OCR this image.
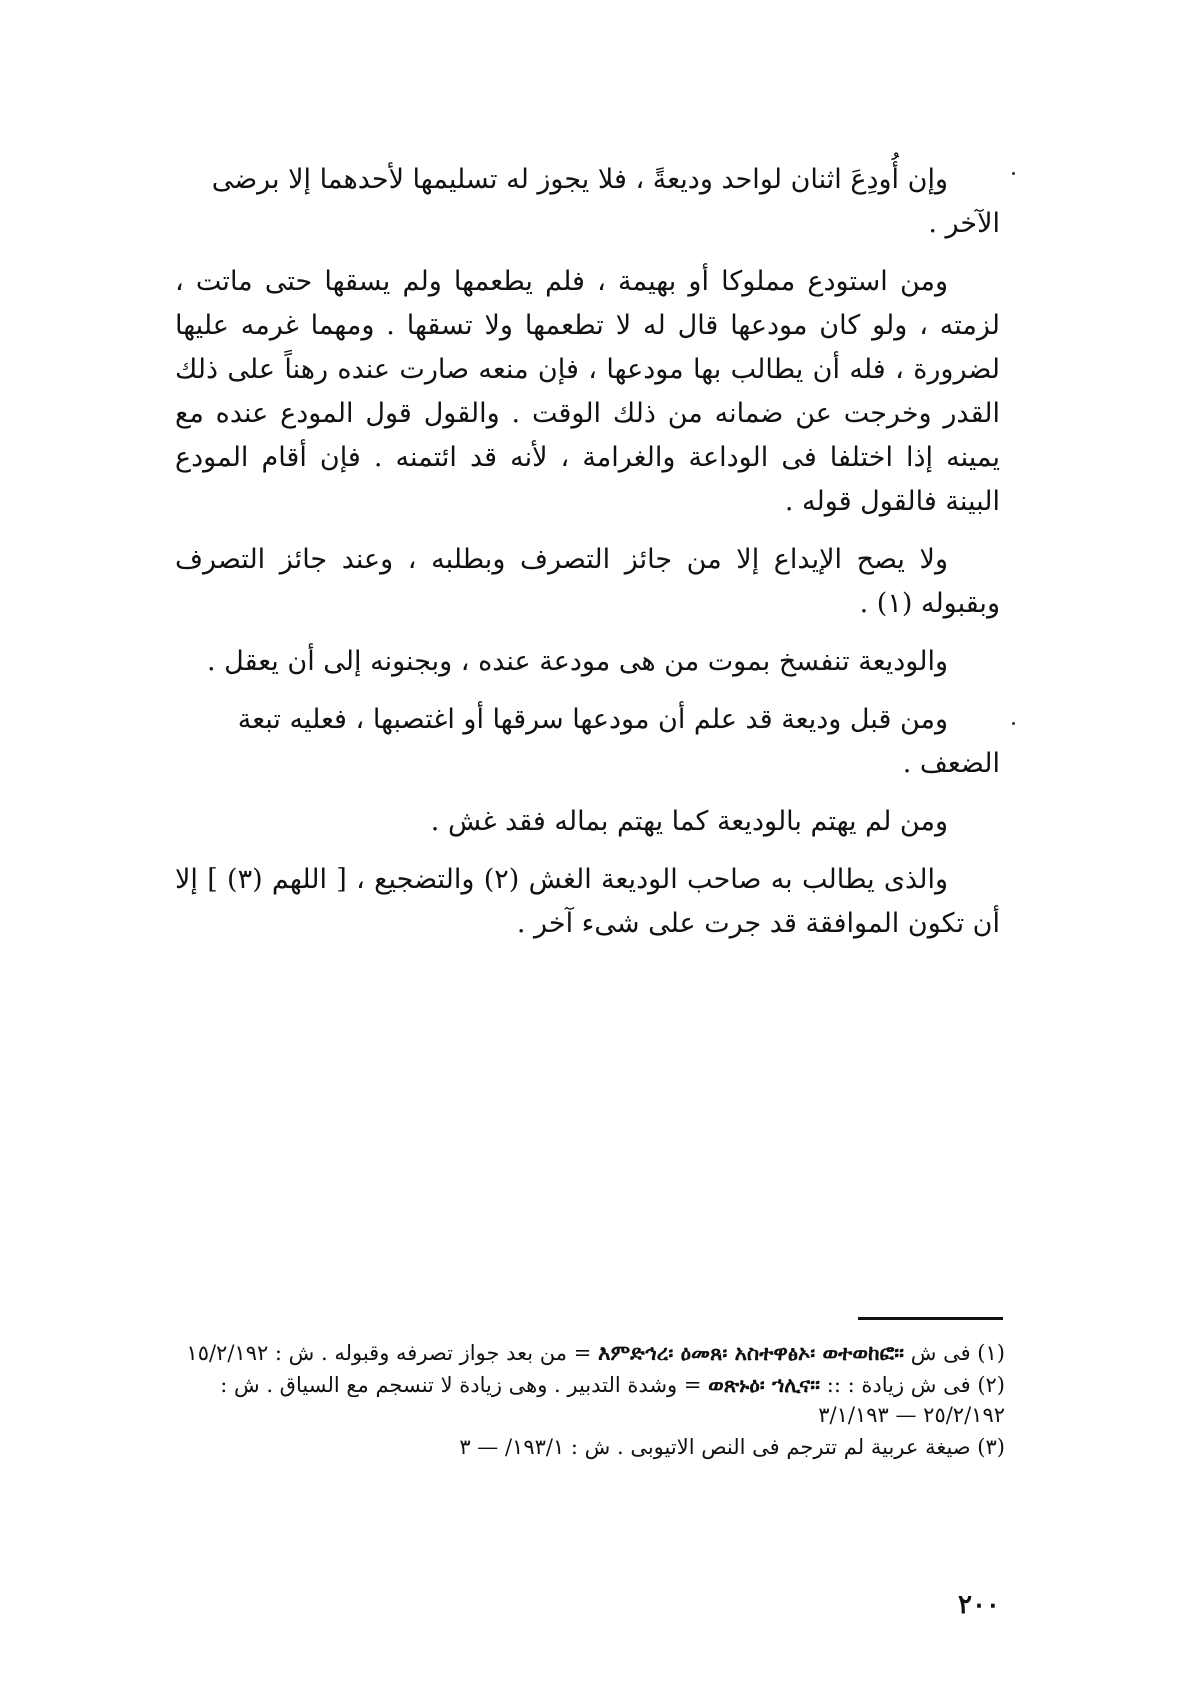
وإن أُودِعَ اثنان لواحد وديعةً ، فلا يجوز له تسليمها لأحدهما إلا برضى الآخر .

ومن استودع مملوكا أو بهيمة ، فلم يطعمها ولم يسقها حتى ماتت ، لزمته ، ولو كان مودعها قال له لا تطعمها ولا تسقها . ومهما غرمه عليها لضرورة ، فله أن يطالب بها مودعها ، فإن منعه صارت عنده رهناً على ذلك القدر وخرجت عن ضمانه من ذلك الوقت . والقول قول المودع عنده مع يمينه إذا اختلفا فى الوداعة والغرامة ، لأنه قد ائتمنه . فإن أقام المودع البينة فالقول قوله .

ولا يصح الإيداع إلا من جائز التصرف وبطلبه ، وعند جائز التصرف وبقبوله (١) .

والوديعة تنفسخ بموت من هى مودعة عنده ، وبجنونه إلى أن يعقل .

ومن قبل وديعة قد علم أن مودعها سرقها أو اغتصبها ، فعليه تبعة الضعف .

ومن لم يهتم بالوديعة كما يهتم بماله فقد غش .

والذى يطالب به صاحب الوديعة الغش (٢) والتضجيع ، [ اللهم (٣) ] إلا أن تكون الموافقة قد جرت على شىء آخر .

(١) فى ش እምድኅረ፡ ዕመጸ፡ አስተዋፅኦ፡ ወተወከፎ። = من بعد جواز تصرفه وقبوله . ش : ١٥/٢/١٩٢

(٢) فى ش زيادة : :: ወጽኑዕ፡ ኀሊና። = وشدة التدبير . وهى زيادة لا تنسجم مع السياق . ش : ٢٥/٢/١٩٢ — ٣/١/١٩٣

(٣) صيغة عربية لم تترجم فى النص الاتيوبى . ش : ١٩٣/١/ — ٣

٢٠٠
